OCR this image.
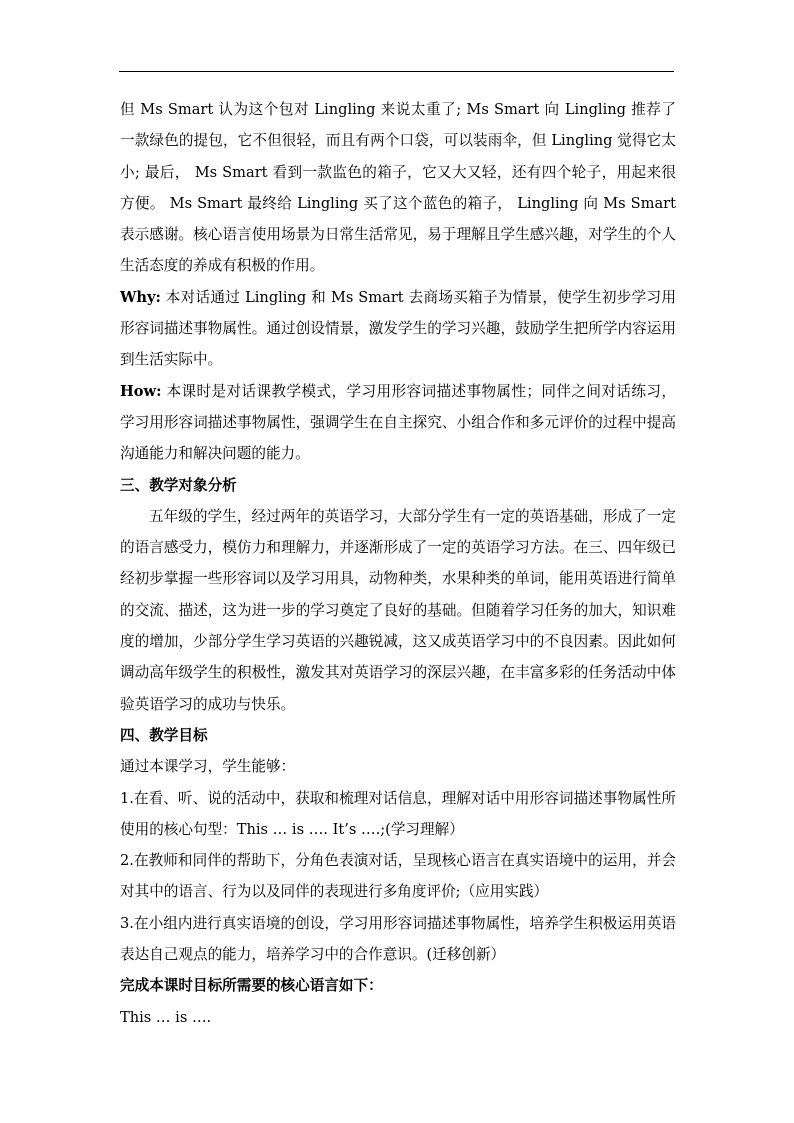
但 Ms Smart 认为这个包对 Lingling 来说太重了; Ms Smart 向 Lingling 推荐了一款绿色的提包，它不但很轻，而且有两个口袋，可以装雨伞，但 Lingling 觉得它太小; 最后， Ms Smart 看到一款监色的箱子，它又大又轻，还有四个轮子，用起来很方便。 Ms Smart 最终给 Lingling 买了这个蓝色的箱子， Lingling 向 Ms Smart 表示感谢。核心语言使用场景为日常生活常见，易于理解且学生感兴趣，对学生的个人生活态度的养成有积极的作用。

Why: 本对话通过 Lingling 和 Ms Smart 去商场买箱子为情景，使学生初步学习用形容词描述事物属性。通过创设情景，激发学生的学习兴趣，鼓励学生把所学内容运用到生活实际中。

How: 本课时是对话课教学模式，学习用形容词描述事物属性；同伴之间对话练习，学习用形容词描述事物属性，强调学生在自主探究、小组合作和多元评价的过程中提高沟通能力和解决问题的能力。

三、教学对象分析

五年级的学生，经过两年的英语学习，大部分学生有一定的英语基础，形成了一定的语言感受力，模仿力和理解力，并逐渐形成了一定的英语学习方法。在三、四年级已经初步掌握一些形容词以及学习用具，动物种类，水果种类的单词，能用英语进行简单的交流、描述，这为进一步的学习奠定了良好的基础。但随着学习任务的加大，知识难度的增加，少部分学生学习英语的兴趣锐减，这又成英语学习中的不良因素。因此如何调动高年级学生的积极性，激发其对英语学习的深层兴趣，在丰富多彩的任务活动中体验英语学习的成功与快乐。

四、教学目标

通过本课学习，学生能够：

1.在看、听、说的活动中，获取和梳理对话信息，理解对话中用形容词描述事物属性所使用的核心句型：This … is …. It’s ….;(学习理解）

2.在教师和同伴的帮助下，分角色表演对话，呈现核心语言在真实语境中的运用，并会对其中的语言、行为以及同伴的表现进行多角度评价;（应用实践）

3.在小组内进行真实语境的创设，学习用形容词描述事物属性，培养学生积极运用英语表达自己观点的能力，培养学习中的合作意识。(迁移创新）

完成本课时目标所需要的核心语言如下：

This … is ….
